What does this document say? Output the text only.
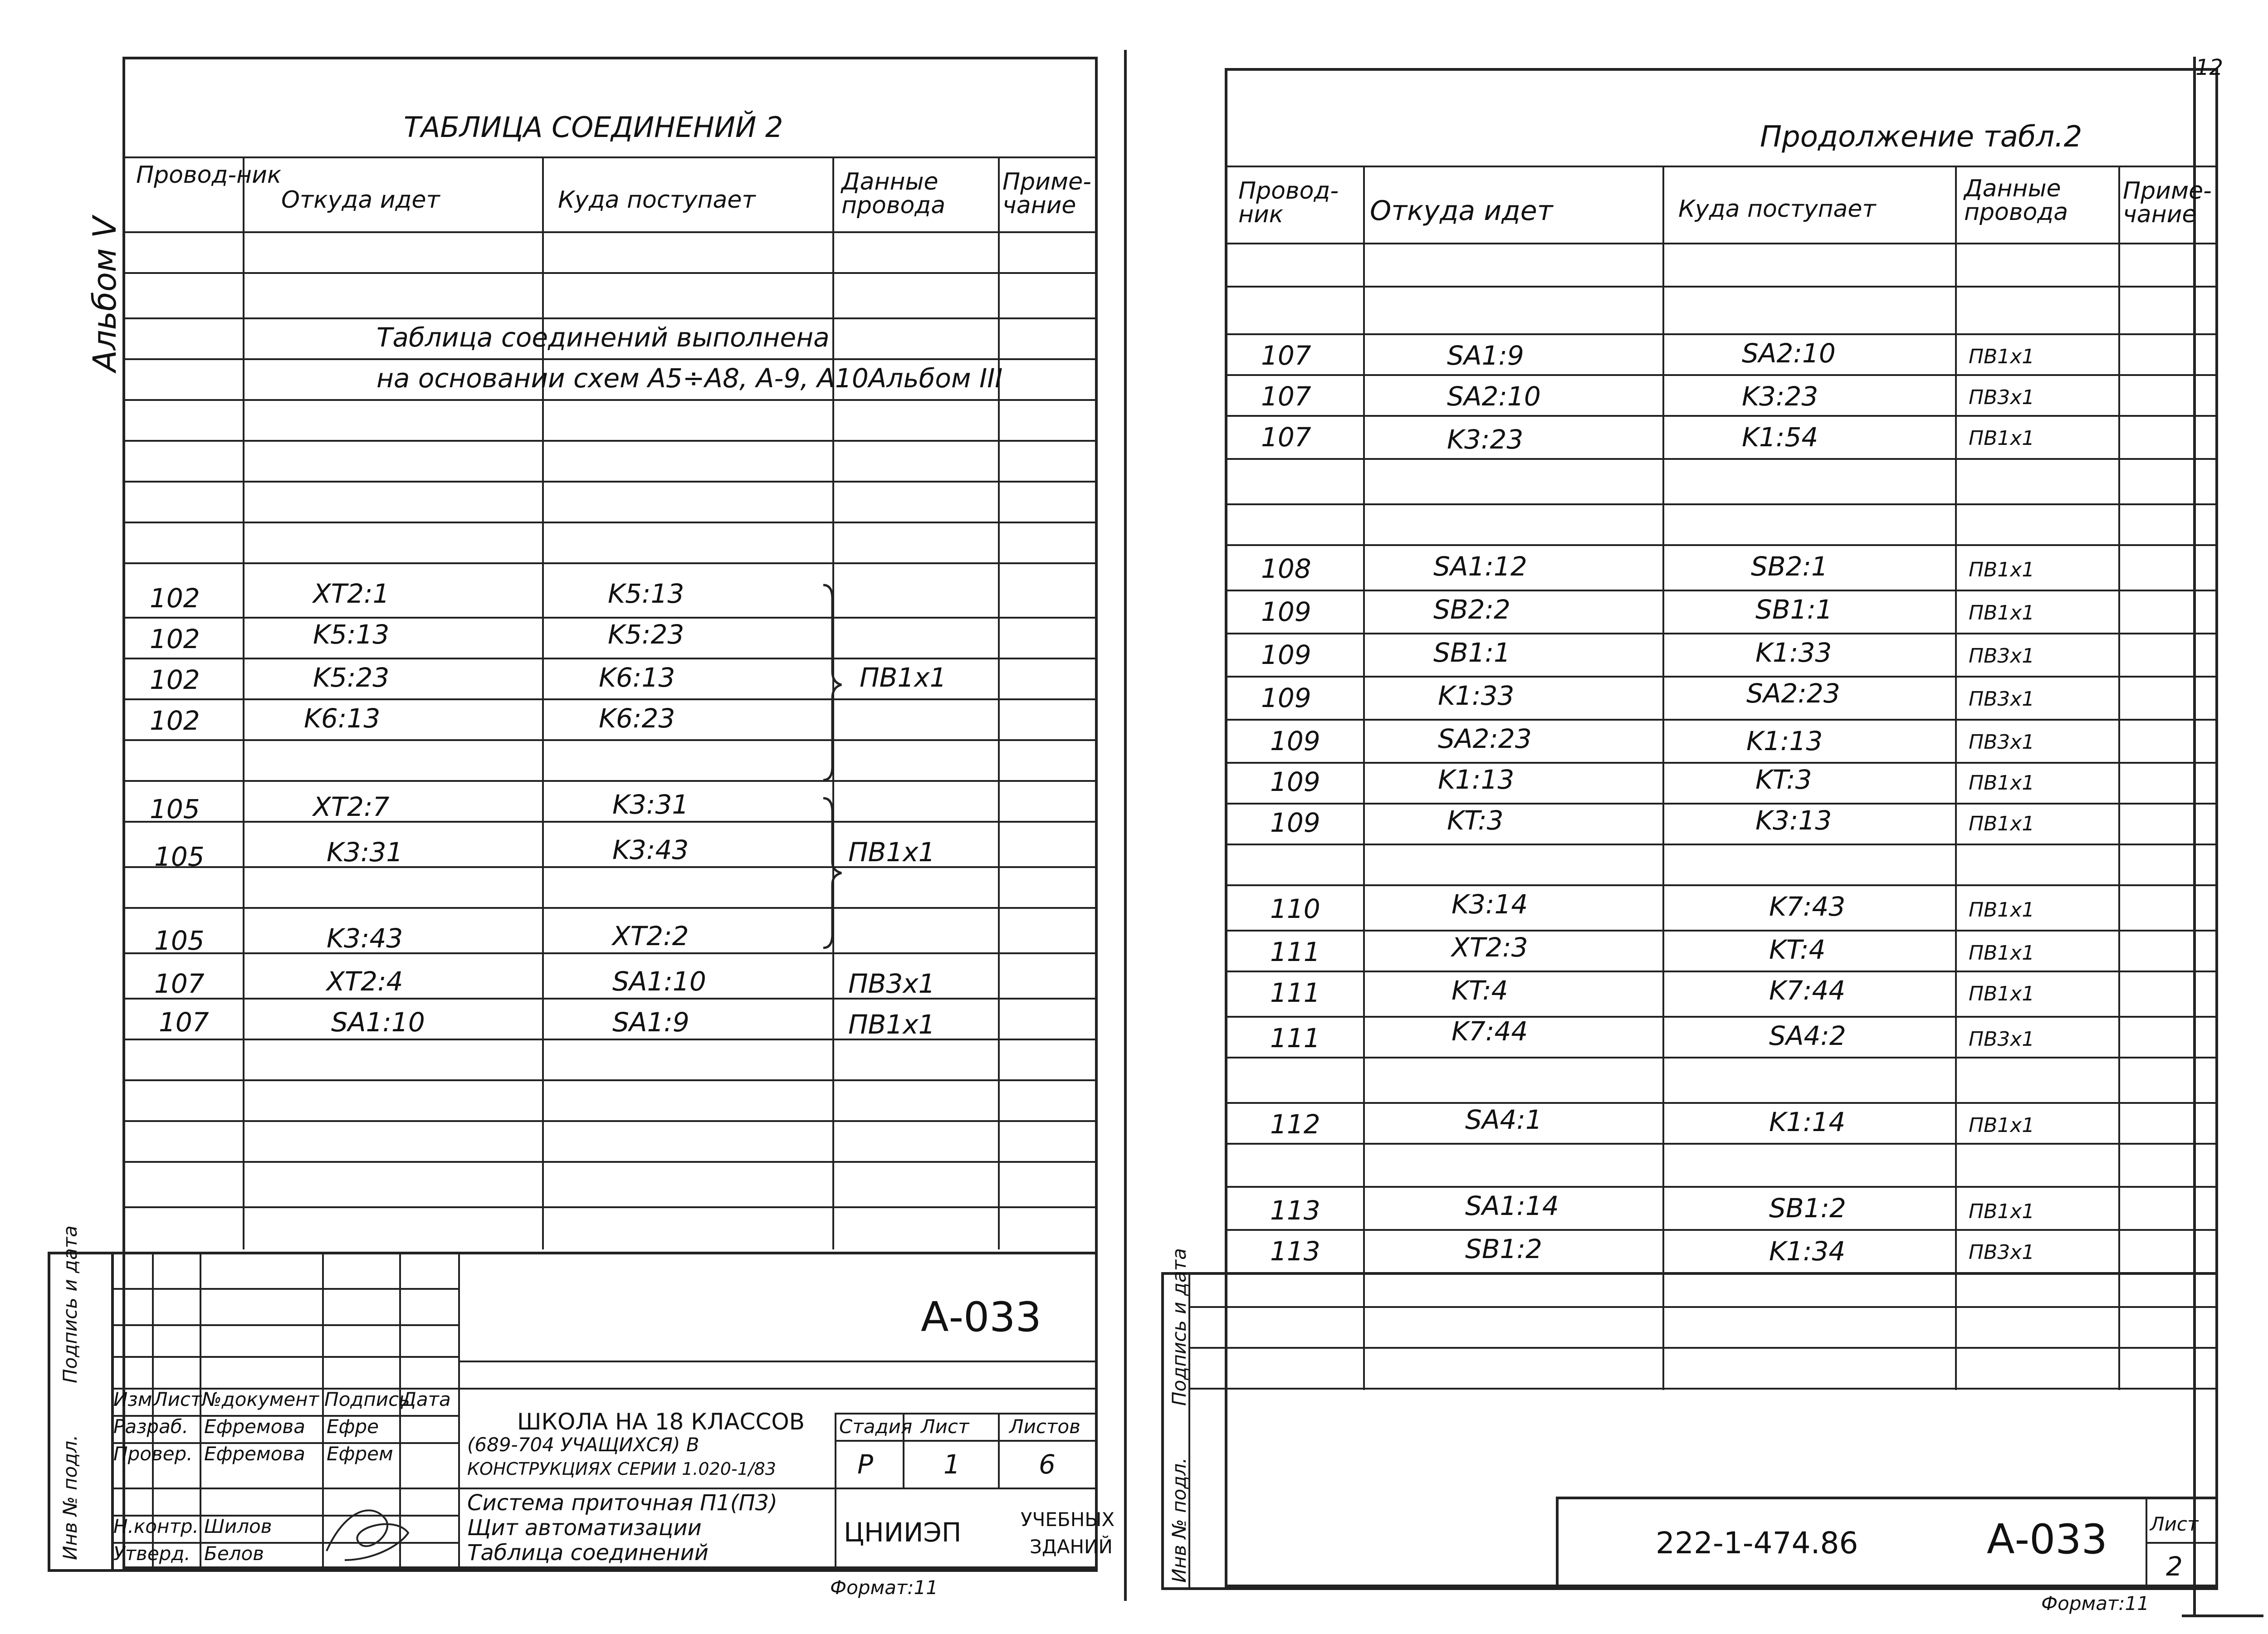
Альбом V
ТАБЛИЦА СОЕДИНЕНИЙ 2
Провод-ник
Откуда идет	Куда поступает
Данные провода
Приме-чание
Таблица соединений выполнена
на основании схем А5÷А8, А-9, А10Альбом III
102	XT2:1	K5:13
102	K5:13	K5:23
102	K5:23	K6:13	ПВ1х1
102	K6:13	K6:23
105	XT2:7	K3:31
105	K3:31	K3:43	ПВ1х1
105	K3:43	XT2:2
107	XT2:4	SA1:10	ПВ3х1
107	SA1:10	SA1:9	ПВ1х1
Изм Лист №документ Подпись
Дата
Разраб. Ефремова Ефре
Провер. Ефремова Ефрем
Н.контр. Шилов
Утверд. Белов
А-033
ШКОЛА НА 18 КЛАССОВ
(689-704 УЧАЩИХСЯ) В
КОНСТРУКЦИЯХ СЕРИИ 1.020-1/83
Стадия Лист Листов
Р	1	6
Система приточная П1(П3)
Щит автоматизации
Таблица соединений
ЦНИИЭП	УЧЕБНЫХ
ЗДАНИЙ
Подпись и дата
Инв № подл.
Формат:11
12
Продолжение табл.2
Провод-ник	Откуда идет	Куда поступает
Данные провода
Приме-чание
107	SA1:9	SA2:10	ПВ1х1
107	SA2:10	K3:23	ПВ3х1
107	K3:23	K1:54	ПВ1х1
108	SA1:12	SB2:1	ПВ1х1
109	SB2:2	SB1:1	ПВ1х1
109	SB1:1	K1:33	ПВ3х1
109	K1:33	SA2:23	ПВ3х1
109	SA2:23	K1:13	ПВ3х1
109	K1:13	KT:3	ПВ1х1
109	KT:3	K3:13	ПВ1х1
110	K3:14	K7:43	ПВ1х1
111	XT2:3	KT:4	ПВ1х1
111	KT:4	K7:44	ПВ1х1
111	K7:44	SA4:2	ПВ3х1
112	SA4:1	K1:14	ПВ1х1
113	SA1:14	SB1:2	ПВ1х1
113	SB1:2	K1:34	ПВ3х1
222-1-474.86	А-033 Лист
2
Подпись и дата
Инв № подл.
Формат:11
